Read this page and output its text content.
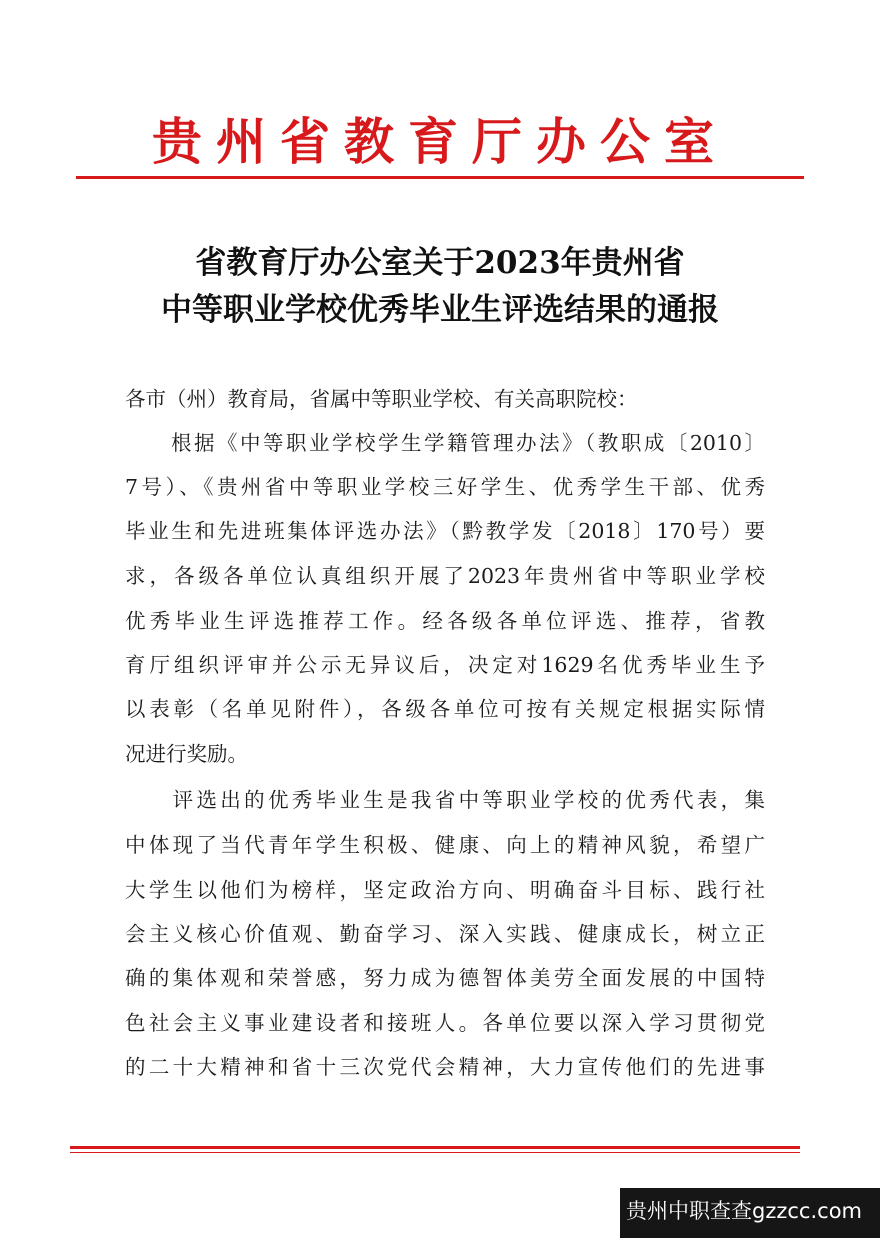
贵州省教育厅办公室
省教育厅办公室关于2023年贵州省
中等职业学校优秀毕业生评选结果的通报
各市（州）教育局，省属中等职业学校、有关高职院校：
　　根据《中等职业学校学生学籍管理办法》（教职成〔2010〕
7号）、《贵州省中等职业学校三好学生、优秀学生干部、优秀
毕业生和先进班集体评选办法》（黔教学发〔2018〕170号）要
求，各级各单位认真组织开展了2023年贵州省中等职业学校
优秀毕业生评选推荐工作。经各级各单位评选、推荐，省教
育厅组织评审并公示无异议后，决定对1629名优秀毕业生予
以表彰（名单见附件），各级各单位可按有关规定根据实际情
况进行奖励。
　　评选出的优秀毕业生是我省中等职业学校的优秀代表，集
中体现了当代青年学生积极、健康、向上的精神风貌，希望广
大学生以他们为榜样，坚定政治方向、明确奋斗目标、践行社
会主义核心价值观、勤奋学习、深入实践、健康成长，树立正
确的集体观和荣誉感，努力成为德智体美劳全面发展的中国特
色社会主义事业建设者和接班人。各单位要以深入学习贯彻党
的二十大精神和省十三次党代会精神，大力宣传他们的先进事
贵州中职查查gzzcc.com
